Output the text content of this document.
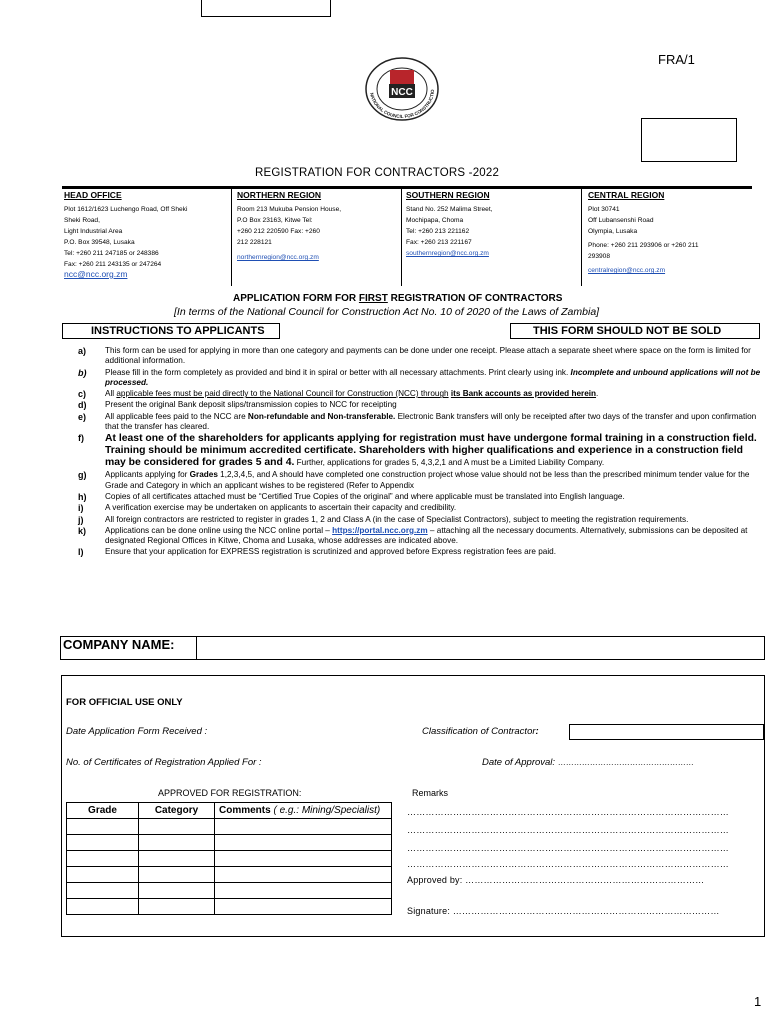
FRA/1
NCC
NATIONAL COUNCIL FOR CONSTRUCTIO
REGISTRATION FOR CONTRACTORS -2022
HEAD OFFICE
Plot 1612/1623 Luchengo Road, Off Sheki
Sheki Road,
Light Industrial Area
P.O. Box 39548, Lusaka
Tel: +260 211 247185 or 248386
Fax: +260 211 243135 or 247264
ncc@ncc.org.zm
NORTHERN REGION
Room 213 Mukuba Pension House,
P.O Box 23163, Kitwe Tel:
+260 212 220590 Fax: +260
212 228121
northernregion@ncc.org.zm
SOUTHERN REGION
Stand No. 252 Malima Street,
Mochipapa, Choma
Tel: +260 213 221162
Fax: +260 213 221167
southernregion@ncc.org.zm
CENTRAL REGION
Plot 30741
Off Lubansenshi Road
Olympia, Lusaka
Phone: +260 211 293906 or +260 211
293908
centralregion@ncc.org.zm
APPLICATION FORM FOR FIRST REGISTRATION OF CONTRACTORS
[In terms of the National Council for Construction Act No. 10 of 2020 of the Laws of Zambia]
INSTRUCTIONS TO APPLICANTS	THIS FORM SHOULD NOT BE SOLD
a)	This form can be used for applying in more than one category and payments can be done under one receipt. Please attach a separate sheet where space on the form is limited for additional information.
b)	Please fill in the form completely as provided and bind it in spiral or better with all necessary attachments. Print clearly using ink. Incomplete and unbound applications will not be processed.
c)	All applicable fees must be paid directly to the National Council for Construction (NCC) through its Bank accounts as provided herein.
d)	Present the original Bank deposit slips/transmission copies to NCC for receipting
e)	All applicable fees paid to the NCC are Non-refundable and Non-transferable. Electronic Bank transfers will only be receipted after two days of the transfer and upon confirmation that the transfer has cleared.
f)	At least one of the shareholders for applicants applying for registration must have undergone formal training in a construction field. Training should be minimum accredited certificate. Shareholders with higher qualifications and experience in a construction field may be considered for grades 5 and 4. Further, applications for grades 5, 4,3,2,1 and A must be a Limited Liability Company.
g)	Applicants applying for Grades 1,2,3,4,5, and A should have completed one construction project whose value should not be less than the prescribed minimum tender value for the Grade and Category in which an applicant wishes to be registered (Refer to Appendix
h)	Copies of all certificates attached must be “Certified True Copies of the original” and where applicable must be translated into English language.
i)	A verification exercise may be undertaken on applicants to ascertain their capacity and credibility.
j)	All foreign contractors are restricted to register in grades 1, 2 and Class A (in the case of Specialist Contractors), subject to meeting the registration requirements.
k)	Applications can be done online using the NCC online portal – https://portal.ncc.org.zm – attaching all the necessary documents. Alternatively, submissions can be deposited at designated Regional Offices in Kitwe, Choma and Lusaka, whose addresses are indicated above.
l)	Ensure that your application for EXPRESS registration is scrutinized and approved before Express registration fees are paid.
COMPANY NAME:
FOR OFFICIAL USE ONLY
Date Application Form Received :	Classification of Contractor:
No. of Certificates of Registration Applied For :	Date of Approval: ……………………………………………
APPROVED FOR REGISTRATION:	Remarks
Grade	Category	Comments ( e.g.: Mining/Specialist)

			……………………………………………………………………………………………
……………………………………………………………………………………………
……………………………………………………………………………………………
……………………………………………………………………………………………
Approved by: ……………………………………………………………………
Signature: ……………………………………………………………………………
1
